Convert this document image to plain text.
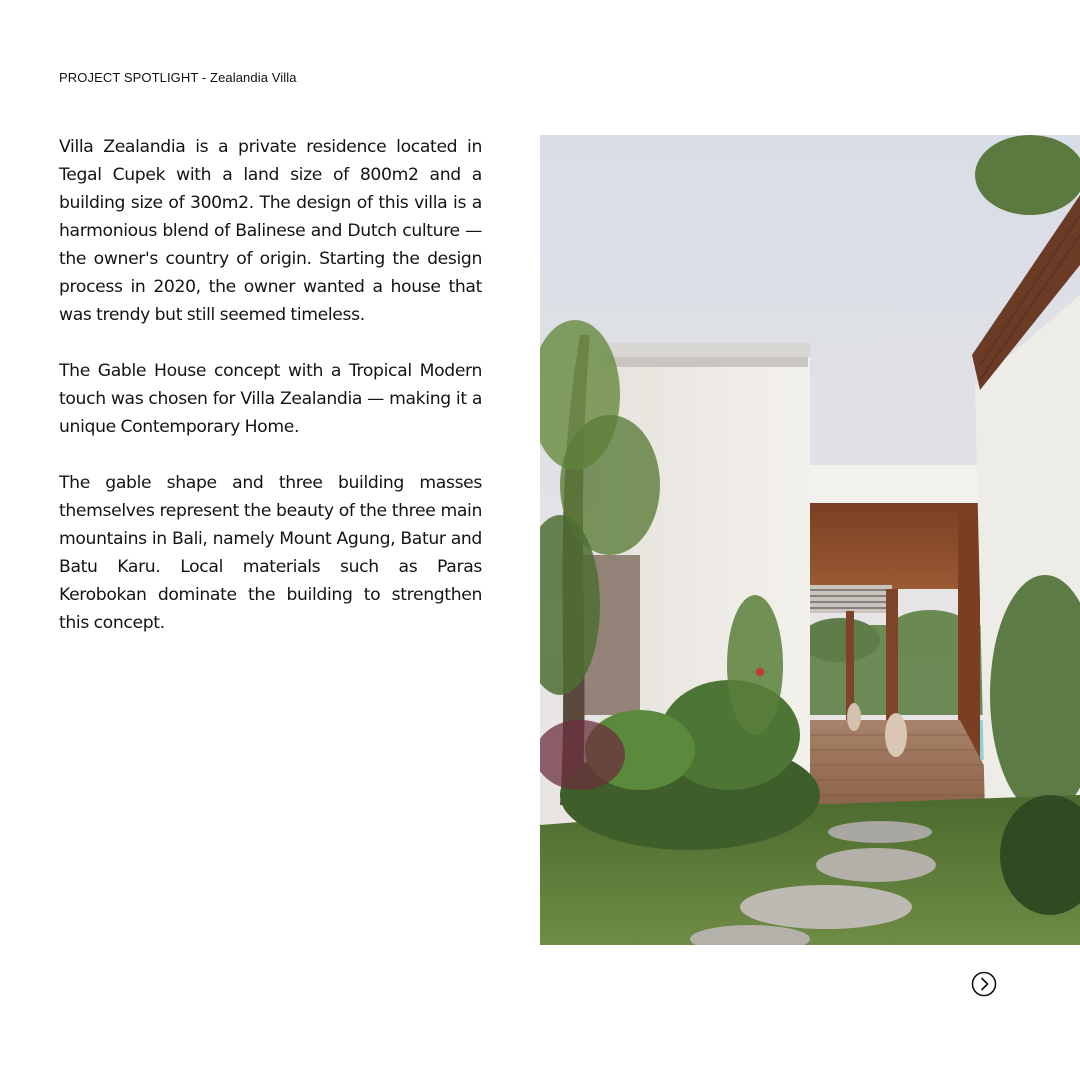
PROJECT SPOTLIGHT - Zealandia Villa

Villa Zealandia is a private residence located in Tegal Cupek with a land size of 800m2 and a building size of 300m2. The design of this villa is a harmonious blend of Balinese and Dutch culture — the owner's country of origin. Starting the design process in 2020, the owner wanted a house that was trendy but still seemed timeless.

The Gable House concept with a Tropical Modern touch was chosen for Villa Zealandia — making it a unique Contemporary Home.

The gable shape and three building masses themselves represent the beauty of the three main mountains in Bali, namely Mount Agung, Batur and Batu Karu. Local materials such as Paras Kerobokan dominate the building to strengthen this concept.
